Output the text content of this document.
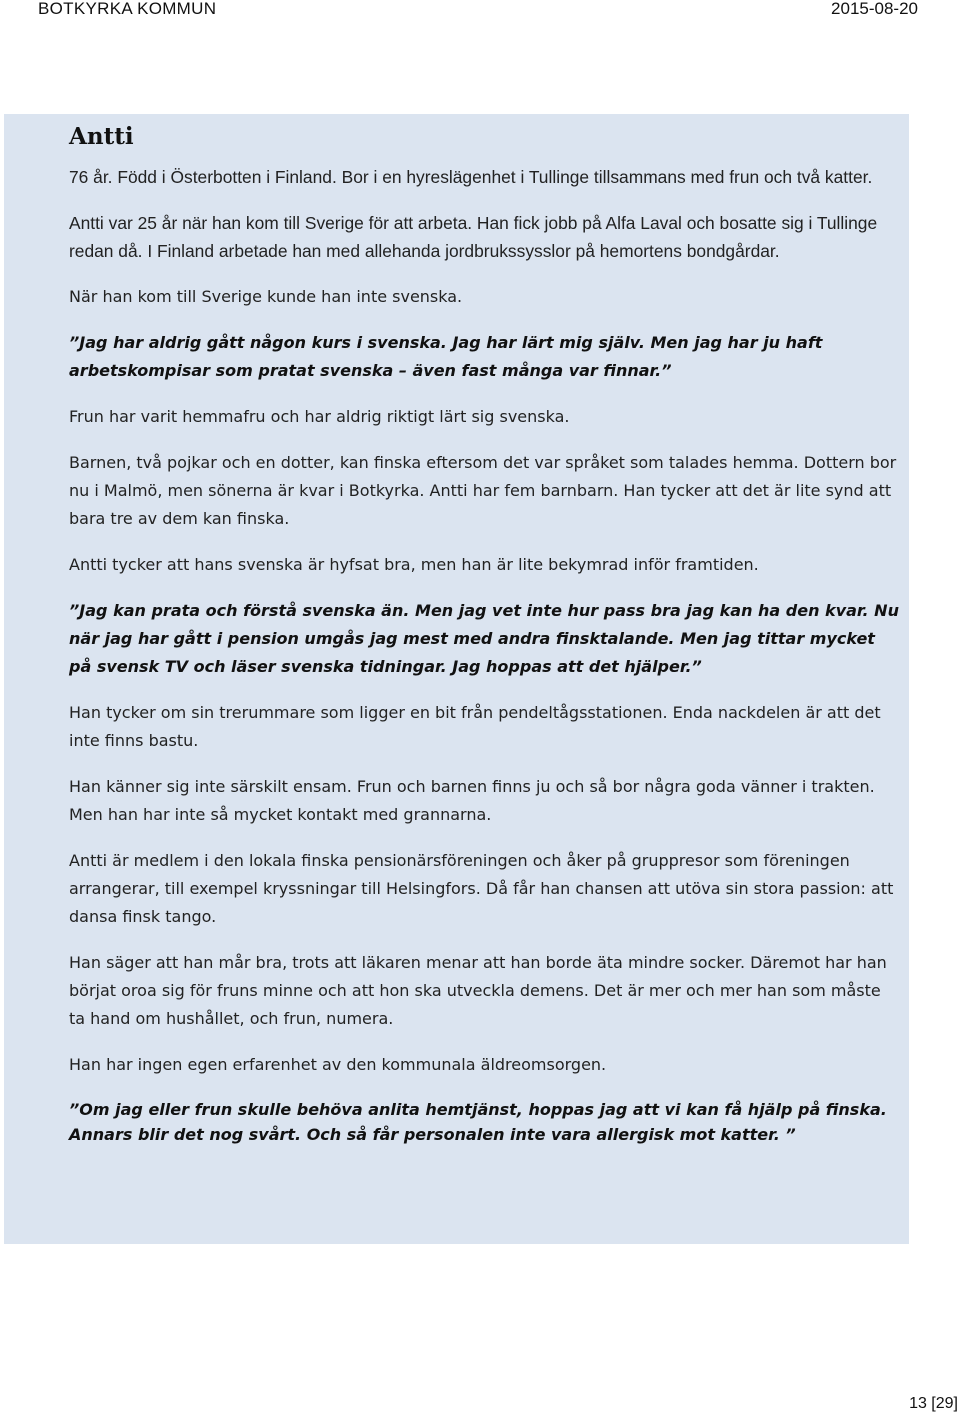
BOTKYRKA KOMMUN	2015-08-20
Antti

76 år. Född i Österbotten i Finland. Bor i en hyreslägenhet i Tullinge tillsammans med frun och två katter.

Antti var 25 år när han kom till Sverige för att arbeta. Han fick jobb på Alfa Laval och bosatte sig i Tullinge redan då. I Finland arbetade han med allehanda jordbrukssysslor på hemortens bondgårdar.

När han kom till Sverige kunde han inte svenska.

”Jag har aldrig gått någon kurs i svenska. Jag har lärt mig själv. Men jag har ju haft arbetskompisar som pratat svenska – även fast många var finnar.”

Frun har varit hemmafru och har aldrig riktigt lärt sig svenska.

Barnen, två pojkar och en dotter, kan finska eftersom det var språket som talades hemma. Dottern bor nu i Malmö, men sönerna är kvar i Botkyrka. Antti har fem barnbarn. Han tycker att det är lite synd att bara tre av dem kan finska.

Antti tycker att hans svenska är hyfsat bra, men han är lite bekymrad inför framtiden.

”Jag kan prata och förstå svenska än. Men jag vet inte hur pass bra jag kan ha den kvar. Nu när jag har gått i pension umgås jag mest med andra finsktalande. Men jag tittar mycket på svensk TV och läser svenska tidningar. Jag hoppas att det hjälper.”

Han tycker om sin trerummare som ligger en bit från pendeltågsstationen. Enda nackdelen är att det inte finns bastu.

Han känner sig inte särskilt ensam. Frun och barnen finns ju och så bor några goda vänner i trakten. Men han har inte så mycket kontakt med grannarna.

Antti är medlem i den lokala finska pensionärsföreningen och åker på gruppresor som föreningen arrangerar, till exempel kryssningar till Helsingfors. Då får han chansen att utöva sin stora passion: att dansa finsk tango.

Han säger att han mår bra, trots att läkaren menar att han borde äta mindre socker. Däremot har han börjat oroa sig för fruns minne och att hon ska utveckla demens. Det är mer och mer han som måste ta hand om hushållet, och frun, numera.

Han har ingen egen erfarenhet av den kommunala äldreomsorgen.

”Om jag eller frun skulle behöva anlita hemtjänst, hoppas jag att vi kan få hjälp på finska. Annars blir det nog svårt. Och så får personalen inte vara allergisk mot katter. ”

13 [29]
